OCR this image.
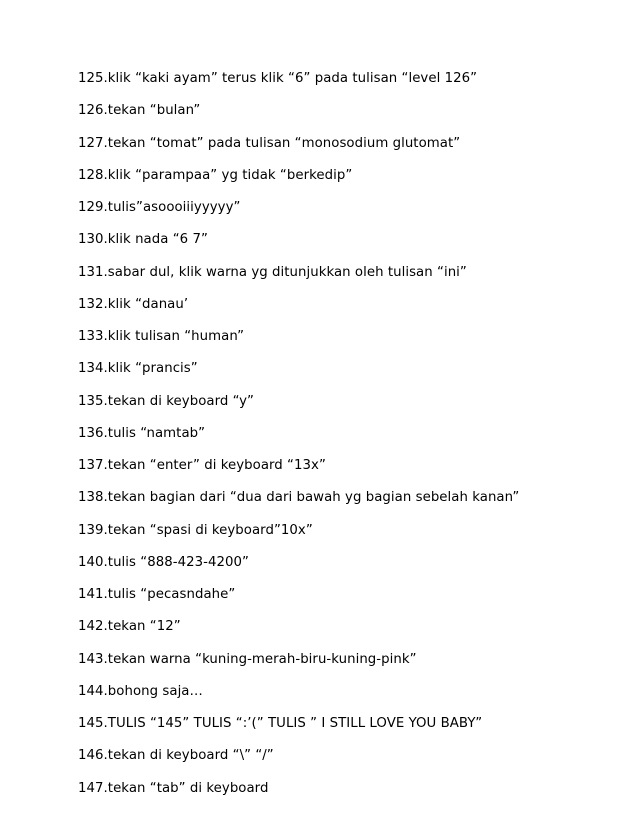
125.klik “kaki ayam” terus klik “6” pada tulisan “level 126”
126.tekan “bulan”
127.tekan “tomat” pada tulisan “monosodium glutomat”
128.klik “parampaa” yg tidak “berkedip”
129.tulis”asoooiiiyyyyy”
130.klik nada “6 7”
131.sabar dul, klik warna yg ditunjukkan oleh tulisan “ini”
132.klik “danau’
133.klik tulisan “human”
134.klik “prancis”
135.tekan di keyboard “y”
136.tulis “namtab”
137.tekan “enter” di keyboard “13x”
138.tekan bagian dari “dua dari bawah yg bagian sebelah kanan”
139.tekan “spasi di keyboard”10x”
140.tulis “888-423-4200”
141.tulis “pecasndahe”
142.tekan “12”
143.tekan warna “kuning-merah-biru-kuning-pink”
144.bohong saja…
145.TULIS “145” TULIS “:’(” TULIS ” I STILL LOVE YOU BABY”
146.tekan di keyboard “\” “/”
147.tekan “tab” di keyboard
